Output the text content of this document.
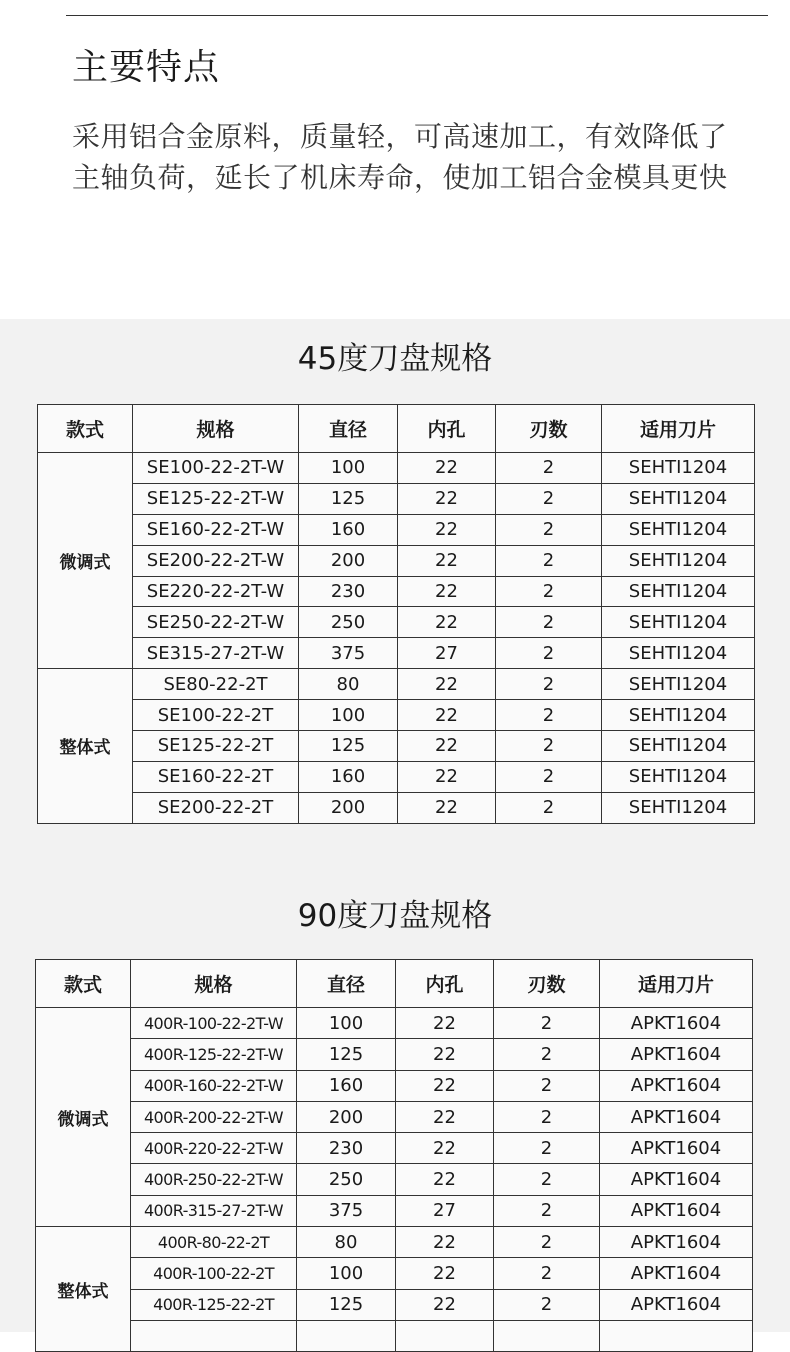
主要特点
采用铝合金原料，质量轻，可高速加工，有效降低了
主轴负荷，延长了机床寿命，使加工铝合金模具更快
45度刀盘规格
款式	规格	直径	内孔	刃数	适用刀片
微调式	SE100-22-2T-W	100	22	2	SEHTI1204
	SE125-22-2T-W	125	22	2	SEHTI1204
	SE160-22-2T-W	160	22	2	SEHTI1204
	SE200-22-2T-W	200	22	2	SEHTI1204
	SE220-22-2T-W	230	22	2	SEHTI1204
	SE250-22-2T-W	250	22	2	SEHTI1204
	SE315-27-2T-W	375	27	2	SEHTI1204
整体式	SE80-22-2T	80	22	2	SEHTI1204
	SE100-22-2T	100	22	2	SEHTI1204
	SE125-22-2T	125	22	2	SEHTI1204
	SE160-22-2T	160	22	2	SEHTI1204
	SE200-22-2T	200	22	2	SEHTI1204
90度刀盘规格
款式	规格	直径	内孔	刃数	适用刀片
微调式	400R-100-22-2T-W	100	22	2	APKT1604
	400R-125-22-2T-W	125	22	2	APKT1604
	400R-160-22-2T-W	160	22	2	APKT1604
	400R-200-22-2T-W	200	22	2	APKT1604
	400R-220-22-2T-W	230	22	2	APKT1604
	400R-250-22-2T-W	250	22	2	APKT1604
	400R-315-27-2T-W	375	27	2	APKT1604
整体式	400R-80-22-2T	80	22	2	APKT1604
	400R-100-22-2T	100	22	2	APKT1604
	400R-125-22-2T	125	22	2	APKT1604
